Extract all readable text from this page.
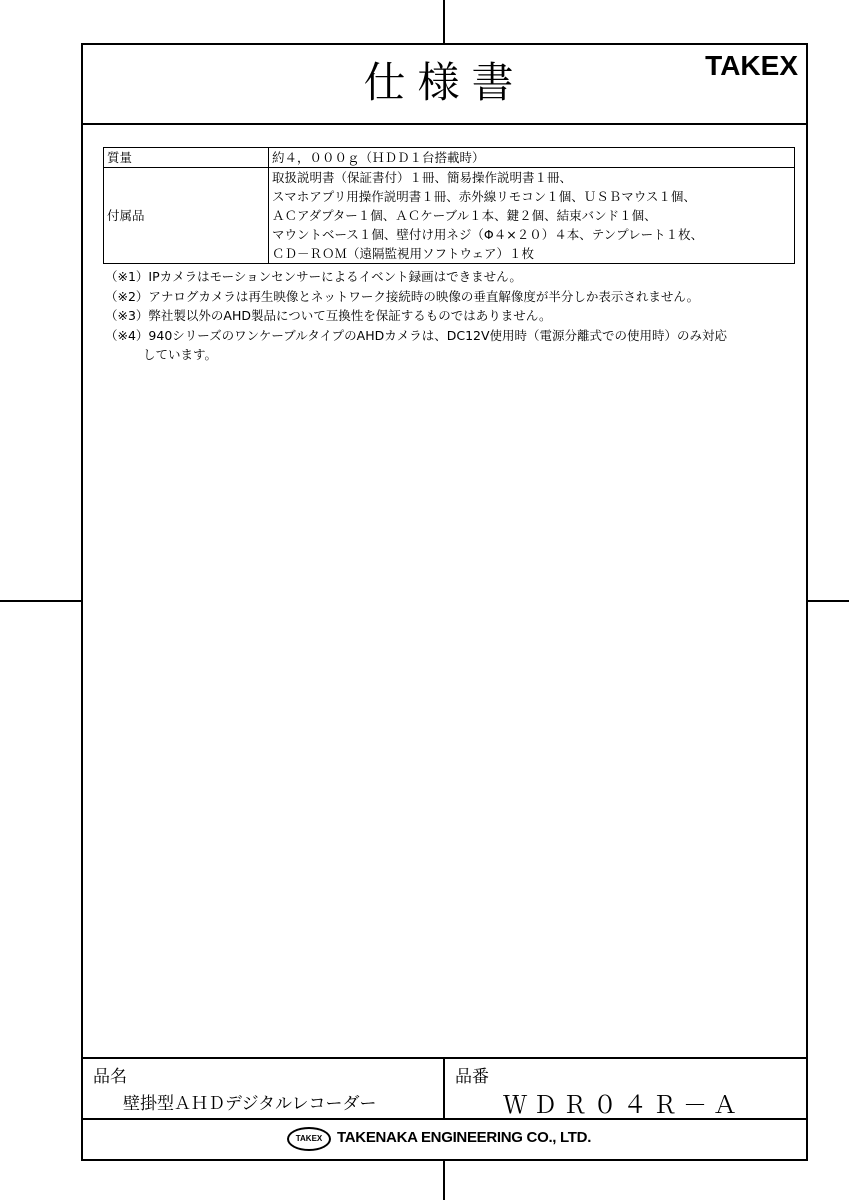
仕様書	TAKEX
質量	約４，０００ｇ（ＨＤＤ１台搭載時）

付属品	取扱説明書（保証書付）１冊、簡易操作説明書１冊、
スマホアプリ用操作説明書１冊、赤外線リモコン１個、ＵＳＢマウス１個、
ＡＣアダプター１個、ＡＣケーブル１本、鍵２個、結束バンド１個、
マウントベース１個、壁付け用ネジ（Φ４×２０）４本、テンプレート１枚、
ＣＤ－ＲＯＭ（遠隔監視用ソフトウェア）１枚
（※1）IPカメラはモーションセンサーによるイベント録画はできません。
（※2）アナログカメラは再生映像とネットワーク接続時の映像の垂直解像度が半分しか表示されません。
（※3）弊社製以外のAHD製品について互換性を保証するものではありません。
（※4）940シリーズのワンケーブルタイプのAHDカメラは、DC12V使用時（電源分離式での使用時）のみ対応
しています。
品名
壁掛型ＡＨＤデジタルレコーダー
品番
ＷＤＲ０４Ｒ－Ａ
TAKEX TAKENAKA ENGINEERING CO., LTD.
